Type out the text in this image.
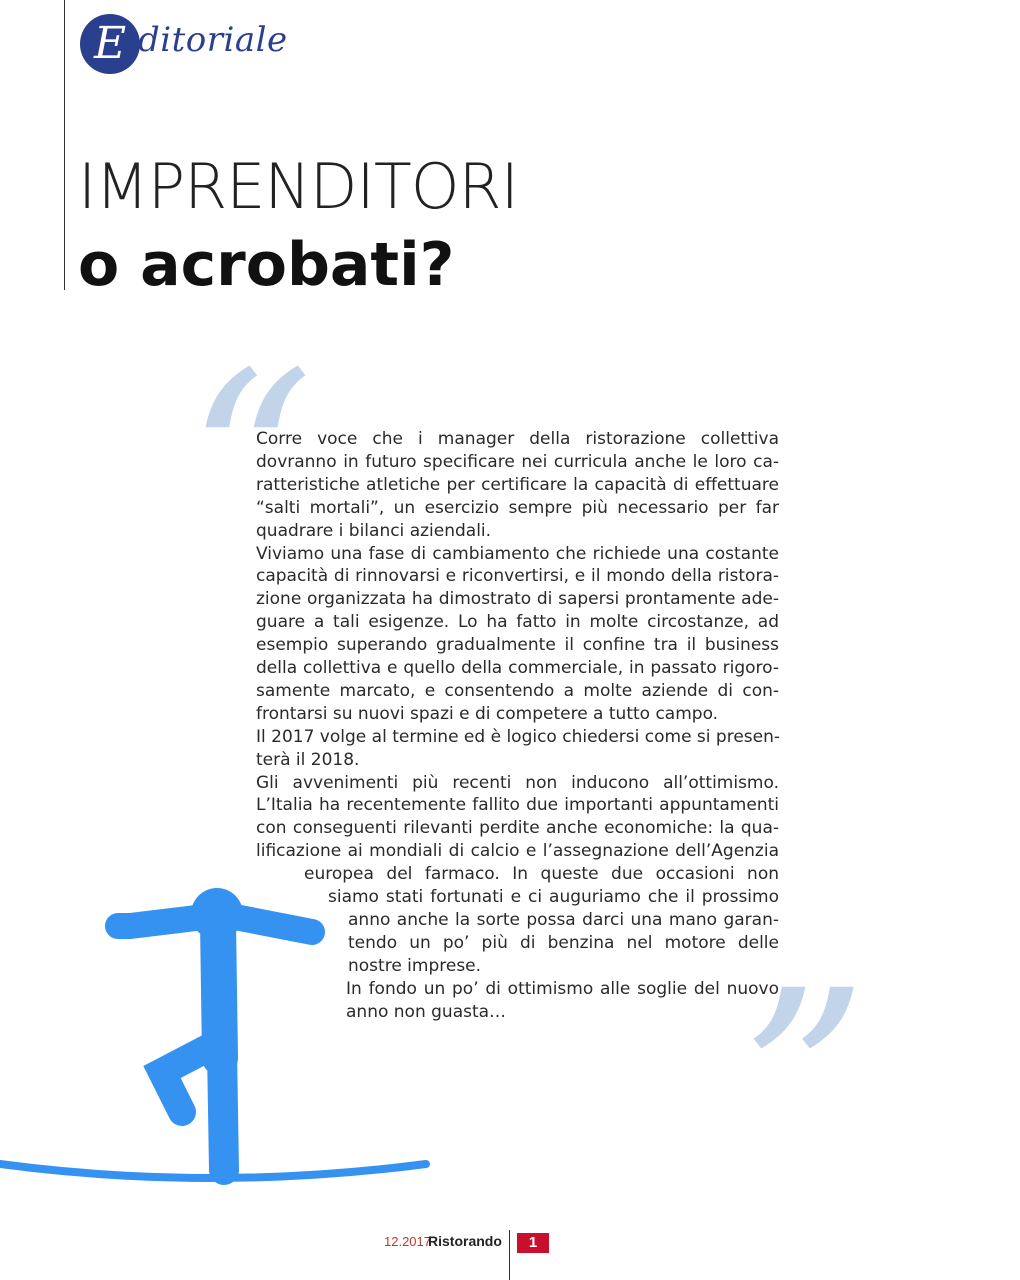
E ditoriale
IMPRENDITORI
o acrobati?
“
Corre voce che i manager della ristorazione collettiva
dovranno in futuro specificare nei curricula anche le loro ca-
ratteristiche atletiche per certificare la capacità di effettuare
“salti mortali”, un esercizio sempre più necessario per far
quadrare i bilanci aziendali.
Viviamo una fase di cambiamento che richiede una costante
capacità di rinnovarsi e riconvertirsi, e il mondo della ristora-
zione organizzata ha dimostrato di sapersi prontamente ade-
guare a tali esigenze. Lo ha fatto in molte circostanze, ad
esempio superando gradualmente il confine tra il business
della collettiva e quello della commerciale, in passato rigoro-
samente marcato, e consentendo a molte aziende di con-
frontarsi su nuovi spazi e di competere a tutto campo.
Il 2017 volge al termine ed è logico chiedersi come si presen-
terà il 2018.
Gli avvenimenti più recenti non inducono all’ottimismo.
L’Italia ha recentemente fallito due importanti appuntamenti
con conseguenti rilevanti perdite anche economiche: la qua-
lificazione ai mondiali di calcio e l’assegnazione dell’Agenzia
europea del farmaco. In queste due occasioni non
siamo stati fortunati e ci auguriamo che il prossimo
anno anche la sorte possa darci una mano garan-
tendo un po’ più di benzina nel motore delle
nostre imprese.
In fondo un po’ di ottimismo alle soglie del nuovo
anno non guasta… ”
12.2017
Ristorando	1
